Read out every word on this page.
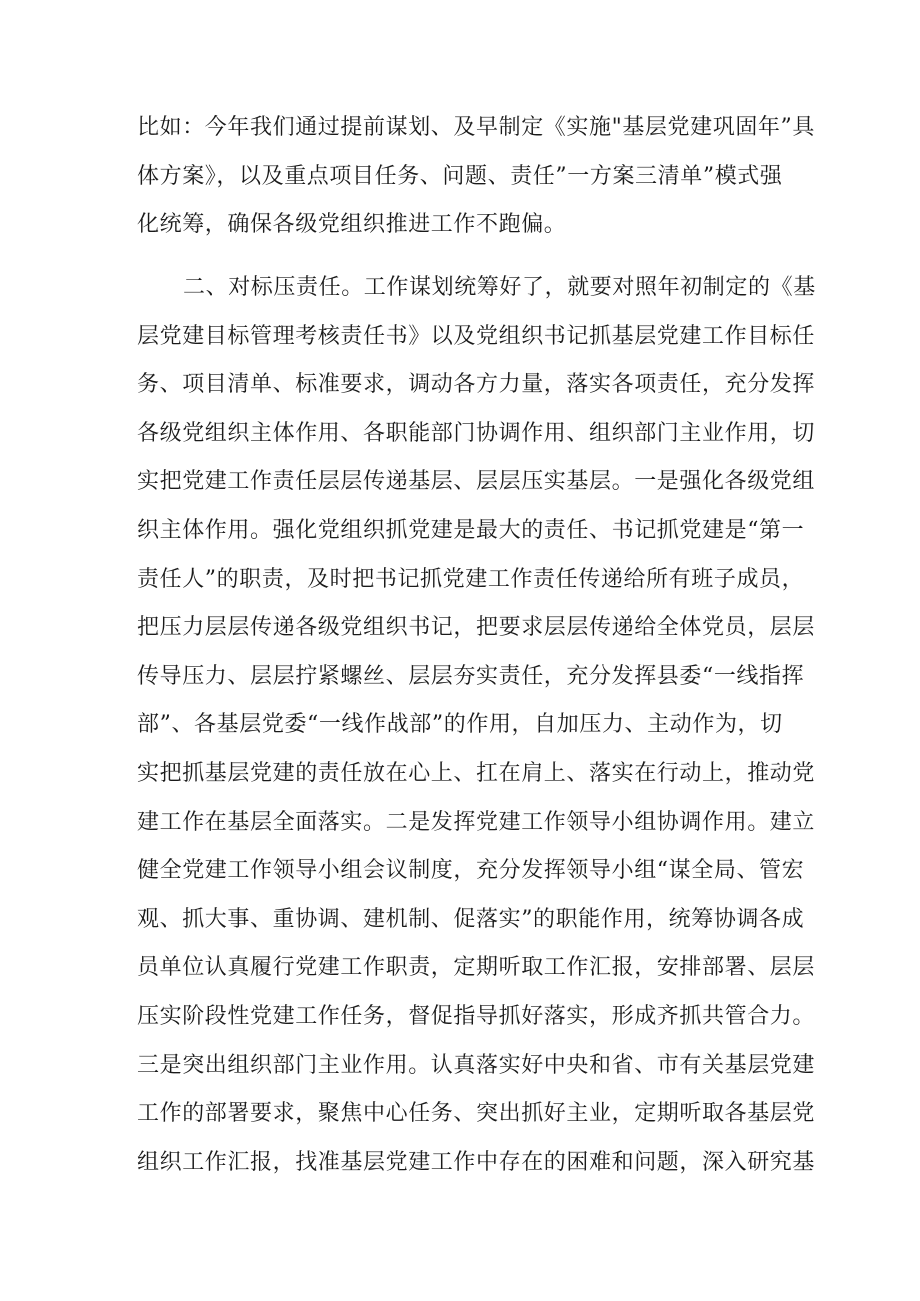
比如：今年我们通过提前谋划、及早制定《实施"基层党建巩固年”具
体方案》，以及重点项目任务、问题、责任”一方案三清单”模式强
化统筹，确保各级党组织推进工作不跑偏。
二、对标压责任。工作谋划统筹好了，就要对照年初制定的《基
层党建目标管理考核责任书》以及党组织书记抓基层党建工作目标任
务、项目清单、标准要求，调动各方力量，落实各项责任，充分发挥
各级党组织主体作用、各职能部门协调作用、组织部门主业作用，切
实把党建工作责任层层传递基层、层层压实基层。一是强化各级党组
织主体作用。强化党组织抓党建是最大的责任、书记抓党建是“第一
责任人”的职责，及时把书记抓党建工作责任传递给所有班子成员，
把压力层层传递各级党组织书记，把要求层层传递给全体党员，层层
传导压力、层层拧紧螺丝、层层夯实责任，充分发挥县委“一线指挥
部”、各基层党委“一线作战部”的作用，自加压力、主动作为，切
实把抓基层党建的责任放在心上、扛在肩上、落实在行动上，推动党
建工作在基层全面落实。二是发挥党建工作领导小组协调作用。建立
健全党建工作领导小组会议制度，充分发挥领导小组“谋全局、管宏
观、抓大事、重协调、建机制、促落实”的职能作用，统筹协调各成
员单位认真履行党建工作职责，定期听取工作汇报，安排部署、层层
压实阶段性党建工作任务，督促指导抓好落实，形成齐抓共管合力。
三是突出组织部门主业作用。认真落实好中央和省、市有关基层党建
工作的部署要求，聚焦中心任务、突出抓好主业，定期听取各基层党
组织工作汇报，找准基层党建工作中存在的困难和问题，深入研究基
